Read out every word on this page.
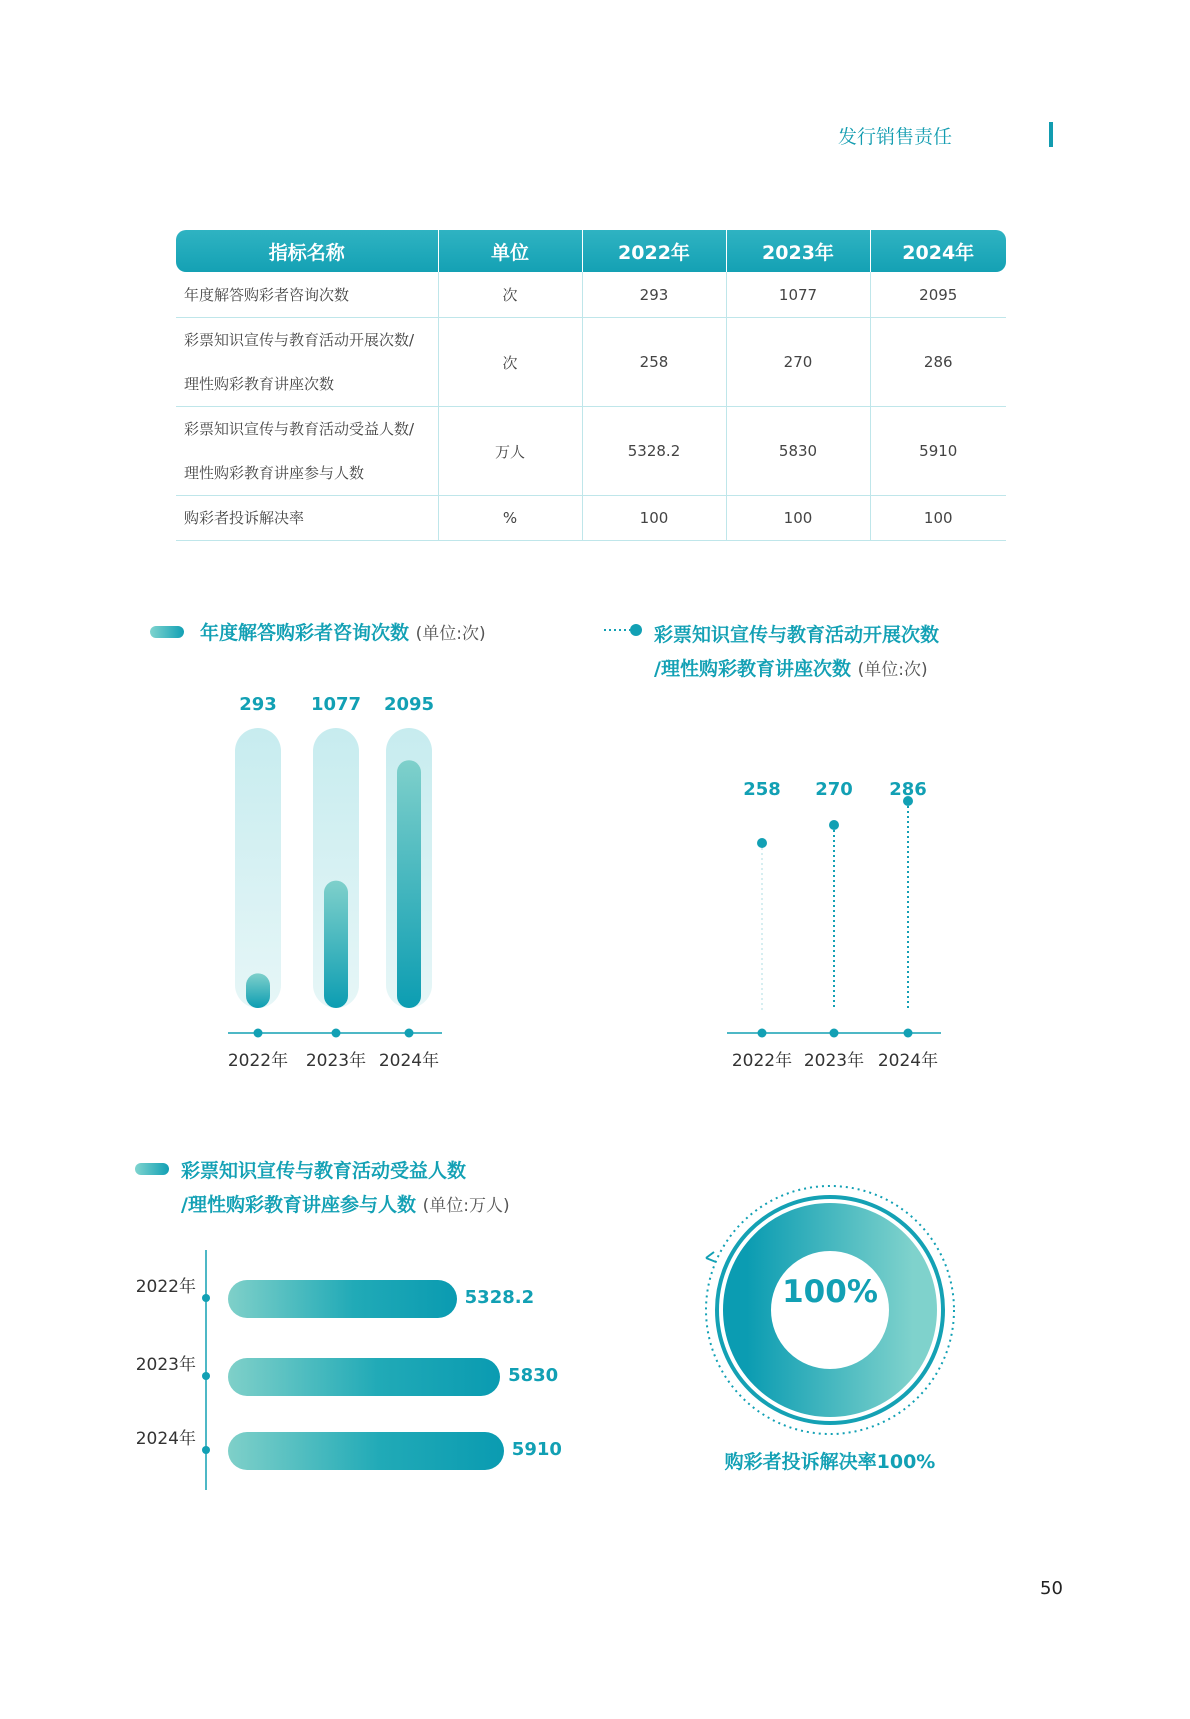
发行销售责任
指标名称	单位	2022年	2023年	2024年

年度解答购彩者咨询次数	次	293	1077	2095

彩票知识宣传与教育活动开展次数/
理性购彩教育讲座次数	次	258	270	286

彩票知识宣传与教育活动受益人数/
理性购彩教育讲座参与人数	万人	5328.2	5830	5910

购彩者投诉解决率	%	100	100	100
年度解答购彩者咨询次数 (单位:次)	彩票知识宣传与教育活动开展次数
/理性购彩教育讲座次数 (单位:次)
293
2022年
1077
2023年
2095
2024年
258
2022年
270
2023年
286
2024年
彩票知识宣传与教育活动受益人数
/理性购彩教育讲座参与人数 (单位:万人)
5328.2
2022年
5830
2023年
5910
2024年
100%
购彩者投诉解决率100%
50
